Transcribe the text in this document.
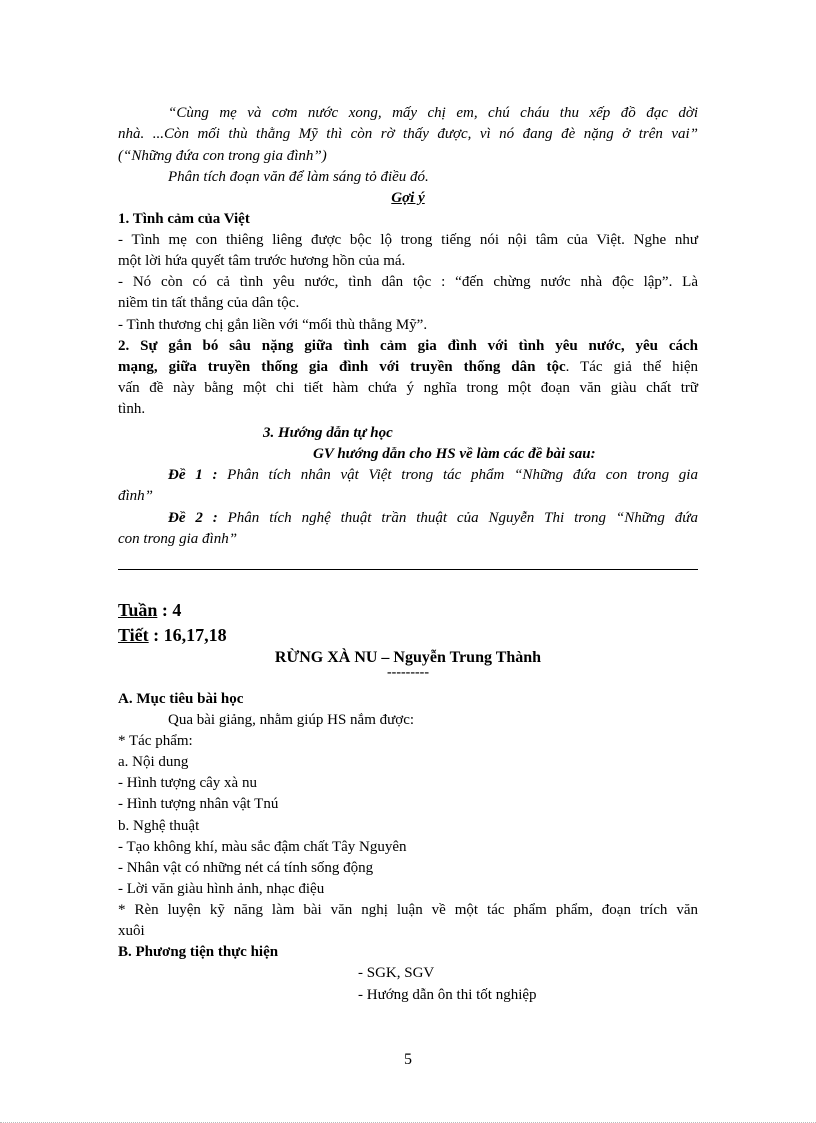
“Cùng mẹ và cơm nước xong, mấy chị em, chú cháu thu xếp đồ đạc dời
nhà. ...Còn mối thù thằng Mỹ thì còn rờ thấy được, vì nó đang đè nặng ở trên vai”
(“Những đứa con trong gia đình”)
Phân tích đoạn văn để làm sáng tỏ điều đó.
Gợi ý
1. Tình cảm của Việt
- Tình mẹ con thiêng liêng được bộc lộ trong tiếng nói nội tâm của Việt. Nghe như
một lời hứa quyết tâm trước hương hồn của má.
- Nó còn có cả tình yêu nước, tình dân tộc : “đến chừng nước nhà độc lập”. Là
niềm tin tất thắng của dân tộc.
- Tình thương chị gắn liền với “mối thù thằng Mỹ”.
2. Sự gắn bó sâu nặng giữa tình cảm gia đình với tình yêu nước, yêu cách
mạng, giữa truyền thống gia đình với truyền thống dân tộc. Tác giả thể hiện
vấn đề này bằng một chi tiết hàm chứa ý nghĩa trong một đoạn văn giàu chất trữ
tình.
3. Hướng dẫn tự học
GV hướng dẫn cho HS về làm các đề bài sau:
Đề 1 : Phân tích nhân vật Việt trong tác phẩm “Những đứa con trong gia
đình”
Đề 2 : Phân tích nghệ thuật trần thuật của Nguyễn Thi trong “Những đứa
con trong gia đình”
Tuần : 4
Tiết : 16,17,18
RỪNG XÀ NU – Nguyễn Trung Thành
---------
A. Mục tiêu bài học
Qua bài giảng, nhằm giúp HS nắm được:
* Tác phẩm:
a. Nội dung
- Hình tượng cây xà nu
- Hình tượng nhân vật Tnú
b. Nghệ thuật
- Tạo không khí, màu sắc đậm chất Tây Nguyên
- Nhân vật có những nét cá tính sống động
- Lời văn giàu hình ảnh, nhạc điệu
* Rèn luyện kỹ năng làm bài văn nghị luận về một tác phẩm phẩm, đoạn trích văn
xuôi
B. Phương tiện thực hiện
- SGK, SGV
- Hướng dẫn ôn thi tốt nghiệp
5
